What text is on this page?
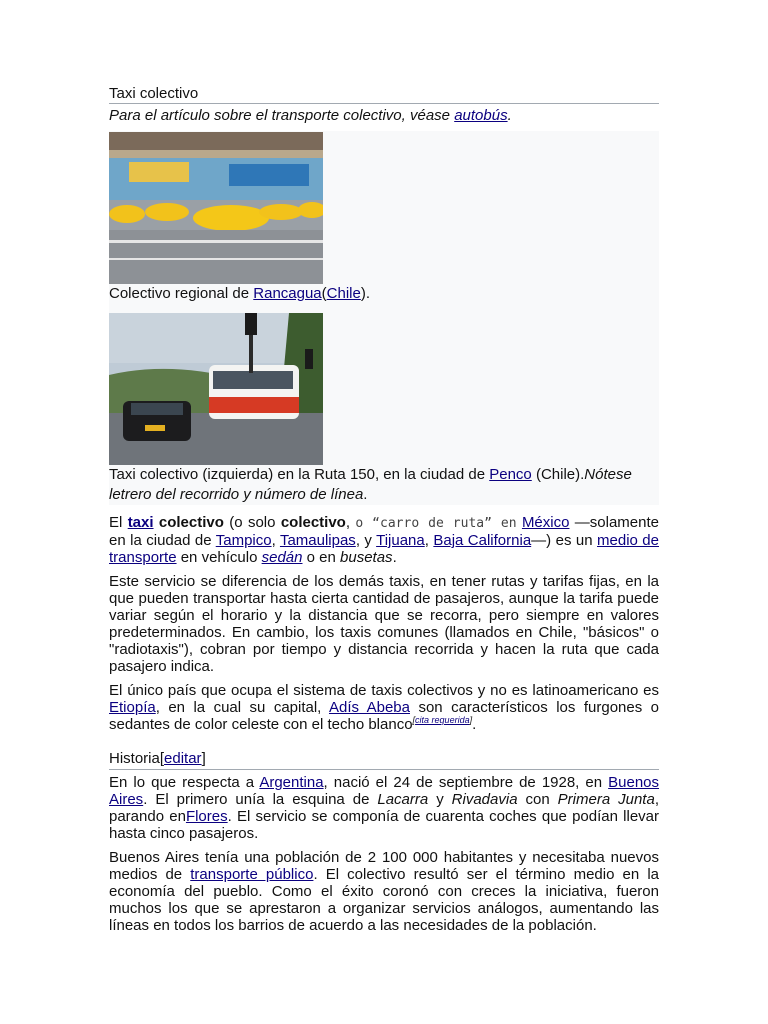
Taxi colectivo
Para el artículo sobre el transporte colectivo, véase autobús.
Colectivo regional de Rancagua(Chile).
Taxi colectivo (izquierda) en la Ruta 150, en la ciudad de Penco (Chile).Nótese letrero del recorrido y número de línea.

El taxi colectivo (o solo colectivo, o “carro de ruta” en México —solamente en la ciudad de Tampico, Tamaulipas, y Tijuana, Baja California—) es un medio de transporte en vehículo sedán o en busetas.

Este servicio se diferencia de los demás taxis, en tener rutas y tarifas fijas, en la que pueden transportar hasta cierta cantidad de pasajeros, aunque la tarifa puede variar según el horario y la distancia que se recorra, pero siempre en valores predeterminados. En cambio, los taxis comunes (llamados en Chile, "básicos" o "radiotaxis"), cobran por tiempo y distancia recorrida y hacen la ruta que cada pasajero indica.

El único país que ocupa el sistema de taxis colectivos y no es latinoamericano es Etiopía, en la cual su capital, Adís Abeba son característicos los furgones o sedantes de color celeste con el techo blanco[cita requerida].

Historia[editar]

En lo que respecta a Argentina, nació el 24 de septiembre de 1928, en Buenos Aires. El primero unía la esquina de Lacarra y Rivadavia con Primera Junta, parando enFlores. El servicio se componía de cuarenta coches que podían llevar hasta cinco pasajeros.

Buenos Aires tenía una población de 2 100 000 habitantes y necesitaba nuevos medios de transporte público. El colectivo resultó ser el término medio en la economía del pueblo. Como el éxito coronó con creces la iniciativa, fueron muchos los que se aprestaron a organizar servicios análogos, aumentando las líneas en todos los barrios de acuerdo a las necesidades de la población.
